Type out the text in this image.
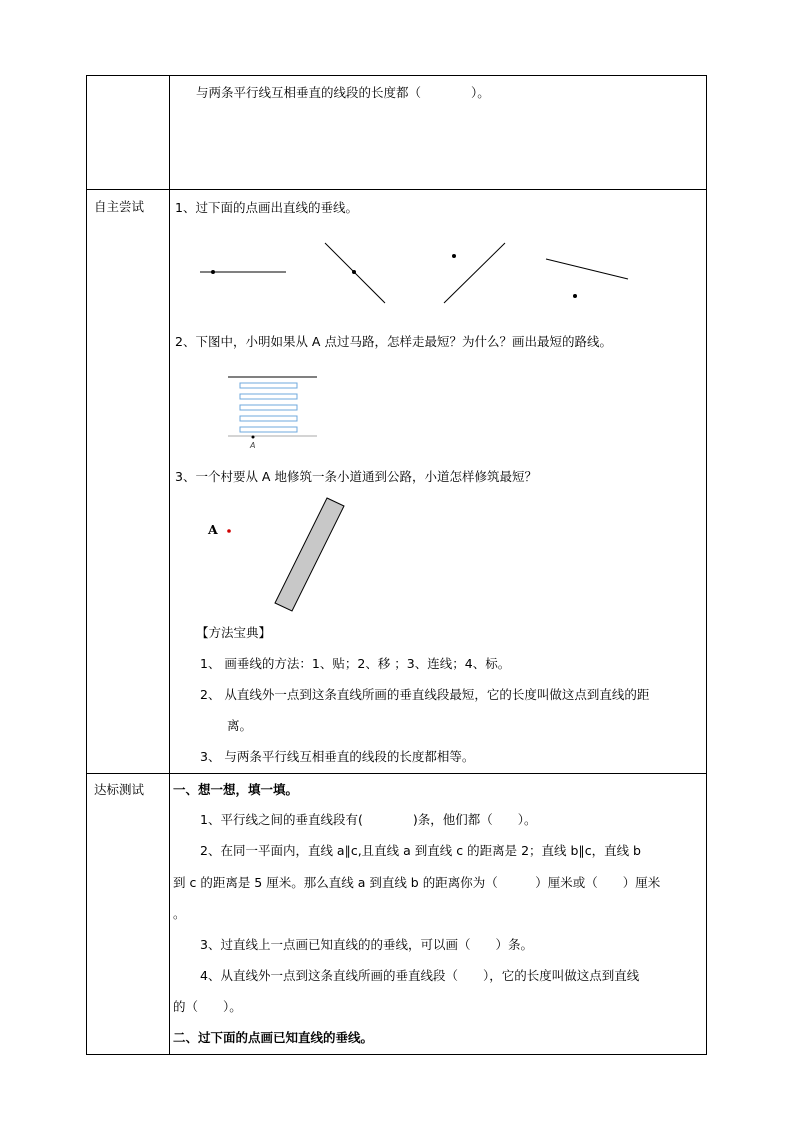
与两条平行线互相垂直的线段的长度都（　　　　）。
自主尝试 1、过下面的点画出直线的垂线。
2、下图中，小明如果从 A 点过马路，怎样走最短？为什么？画出最短的路线。
A
3、一个村要从 A 地修筑一条小道通到公路，小道怎样修筑最短？
A
【方法宝典】
1、 画垂线的方法：1、贴；2、移 ；3、连线；4、标。
2、 从直线外一点到这条直线所画的垂直线段最短，它的长度叫做这点到直线的距
离。
3、 与两条平行线互相垂直的线段的长度都相等。
达标测试 一、想一想，填一填。
1、平行线之间的垂直线段有(　　　　)条，他们都（　　）。
2、在同一平面内，直线 a∥c,且直线 a 到直线 c 的距离是 2；直线 b∥c，直线 b
到 c 的距离是 5 厘米。那么直线 a 到直线 b 的距离你为（　　　）厘米或（　　）厘米
。
3、过直线上一点画已知直线的的垂线，可以画（　　）条。
4、从直线外一点到这条直线所画的垂直线段（　　），它的长度叫做这点到直线
的（　　）。
二、过下面的点画已知直线的垂线。
